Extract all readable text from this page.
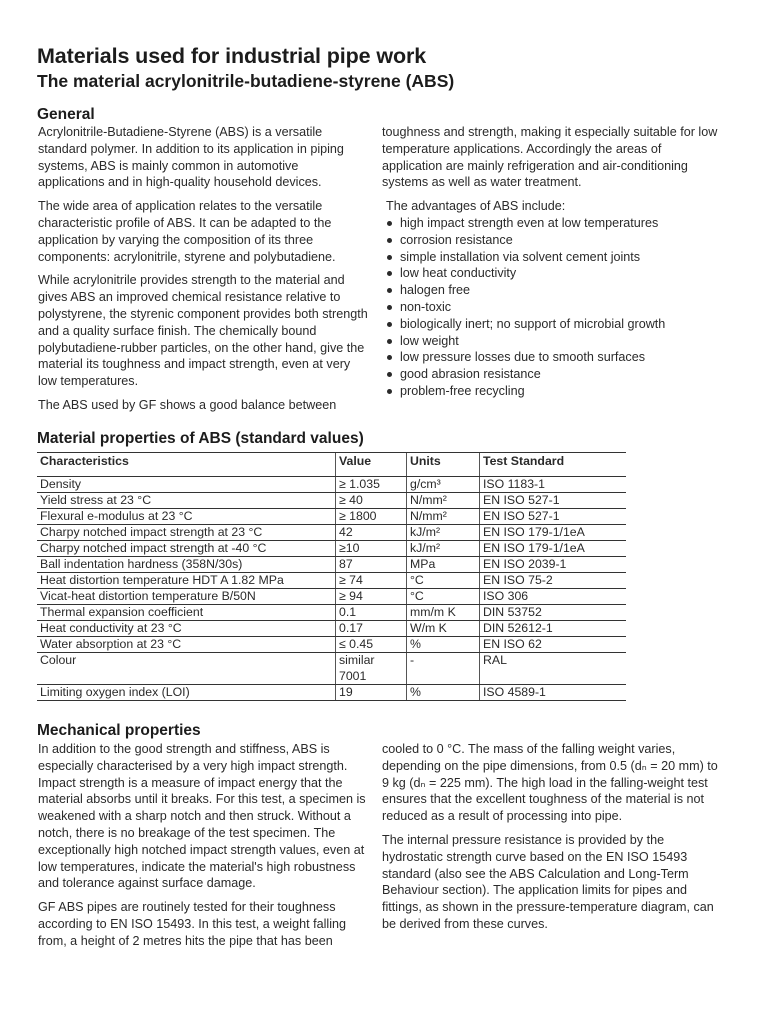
Materials used for industrial pipe work
The material acrylonitrile-butadiene-styrene (ABS)
General

Acrylonitrile-Butadiene-Styrene (ABS) is a versatile standard polymer. In addition to its application in piping systems, ABS is mainly common in automotive applications and in high-quality household devices.

The wide area of application relates to the versatile characteristic profile of ABS. It can be adapted to the application by varying the composition of its three components: acrylonitrile, styrene and polybutadiene.

While acrylonitrile provides strength to the material and gives ABS an improved chemical resistance relative to polystyrene, the styrenic component provides both strength and a quality surface finish. The chemically bound polybutadiene-rubber particles, on the other hand, give the material its toughness and impact strength, even at very low temperatures.

The ABS used by GF shows a good balance between

toughness and strength, making it especially suitable for low temperature applications. Accordingly the areas of application are mainly refrigeration and air-conditioning systems as well as water treatment.

The advantages of ABS include:
high impact strength even at low temperatures
corrosion resistance
simple installation via solvent cement joints
low heat conductivity
halogen free
non-toxic
biologically inert; no support of microbial growth
low weight
low pressure losses due to smooth surfaces
good abrasion resistance
problem-free recycling
Material properties of ABS (standard values)
Characteristics	Value	Units	Test Standard
Density	≥ 1.035	g/cm³	ISO 1183-1
Yield stress at 23 °C	≥ 40	N/mm²	EN ISO 527-1
Flexural e-modulus at 23 °C	≥ 1800	N/mm²	EN ISO 527-1
Charpy notched impact strength at 23 °C	42	kJ/m²	EN ISO 179-1/1eA
Charpy notched impact strength at -40 °C	≥10	kJ/m²	EN ISO 179-1/1eA
Ball indentation hardness (358N/30s)	87	MPa	EN ISO 2039-1
Heat distortion temperature HDT A 1.82 MPa	≥ 74	°C	EN ISO 75-2
Vicat-heat distortion temperature B/50N	≥ 94	°C	ISO 306
Thermal expansion coefficient	0.1	mm/m K	DIN 53752
Heat conductivity at 23 °C	0.17	W/m K	DIN 52612-1
Water absorption at 23 °C	≤ 0.45	%	EN ISO 62
Colour	similar 7001	-	RAL
Limiting oxygen index (LOI)	19	%	ISO 4589-1
Mechanical properties

In addition to the good strength and stiffness, ABS is especially characterised by a very high impact strength. Impact strength is a measure of impact energy that the material absorbs until it breaks. For this test, a specimen is weakened with a sharp notch and then struck. Without a notch, there is no breakage of the test specimen. The exceptionally high notched impact strength values, even at low temperatures, indicate the material's high robustness and tolerance against surface damage.

GF ABS pipes are routinely tested for their toughness according to EN ISO 15493. In this test, a weight falling from, a height of 2 metres hits the pipe that has been

cooled to 0 °C. The mass of the falling weight varies, depending on the pipe dimensions, from 0.5 (dₙ = 20 mm) to 9 kg (dₙ = 225 mm). The high load in the falling-weight test ensures that the excellent toughness of the material is not reduced as a result of processing into pipe.

The internal pressure resistance is provided by the hydrostatic strength curve based on the EN ISO 15493 standard (also see the ABS Calculation and Long-Term Behaviour section). The application limits for pipes and fittings, as shown in the pressure-temperature diagram, can be derived from these curves.
